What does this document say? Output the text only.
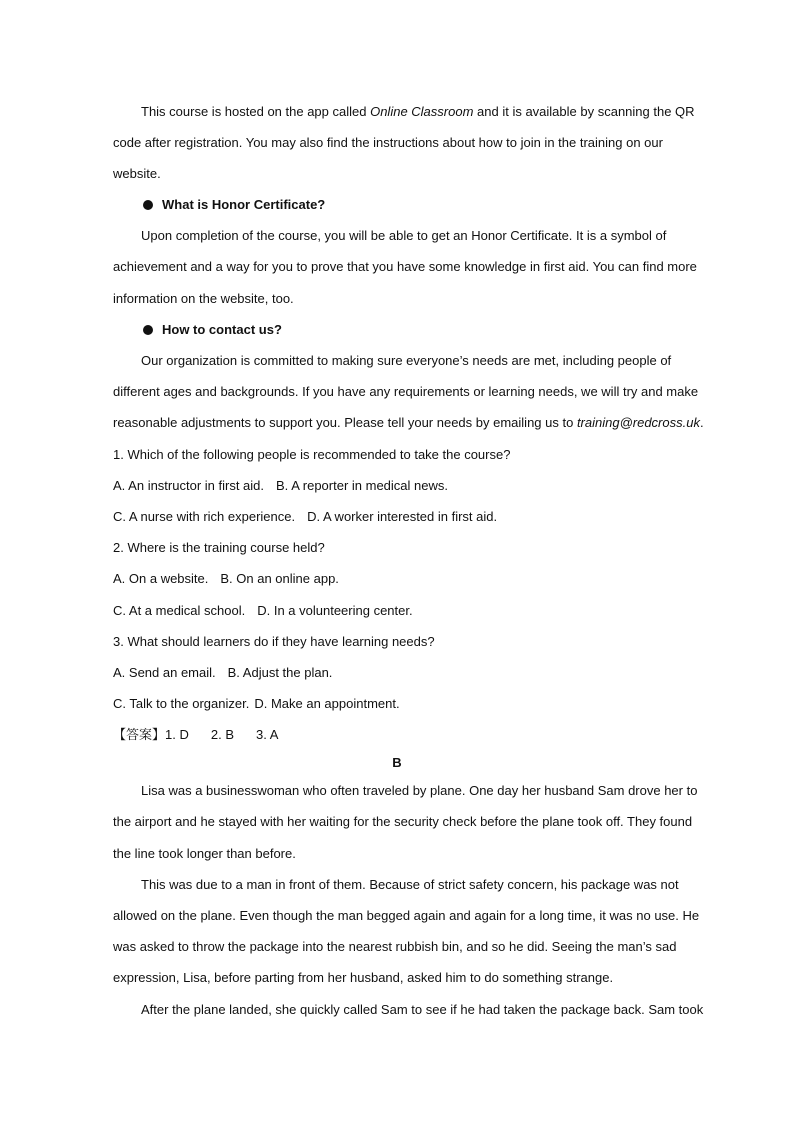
This course is hosted on the app called Online Classroom and it is available by scanning the QR
code after registration. You may also find the instructions about how to join in the training on our
website.
What is Honor Certificate?
Upon completion of the course, you will be able to get an Honor Certificate. It is a symbol of
achievement and a way for you to prove that you have some knowledge in first aid. You can find more
information on the website, too.
How to contact us?
Our organization is committed to making sure everyone’s needs are met, including people of
different ages and backgrounds. If you have any requirements or learning needs, we will try and make
reasonable adjustments to support you. Please tell your needs by emailing us to training@redcross.uk.
1. Which of the following people is recommended to take the course?
A. An instructor in first aid. B. A reporter in medical news.
C. A nurse with rich experience. D. A worker interested in first aid.
2. Where is the training course held?
A. On a website. B. On an online app.
C. At a medical school. D. In a volunteering center.
3. What should learners do if they have learning needs?
A. Send an email. B. Adjust the plan.
C. Talk to the organizer. D. Make an appointment.
【答案】1. D 2. B 3. A
B
Lisa was a businesswoman who often traveled by plane. One day her husband Sam drove her to
the airport and he stayed with her waiting for the security check before the plane took off. They found
the line took longer than before.
This was due to a man in front of them. Because of strict safety concern, his package was not
allowed on the plane. Even though the man begged again and again for a long time, it was no use. He
was asked to throw the package into the nearest rubbish bin, and so he did. Seeing the man’s sad
expression, Lisa, before parting from her husband, asked him to do something strange.
After the plane landed, she quickly called Sam to see if he had taken the package back. Sam took
